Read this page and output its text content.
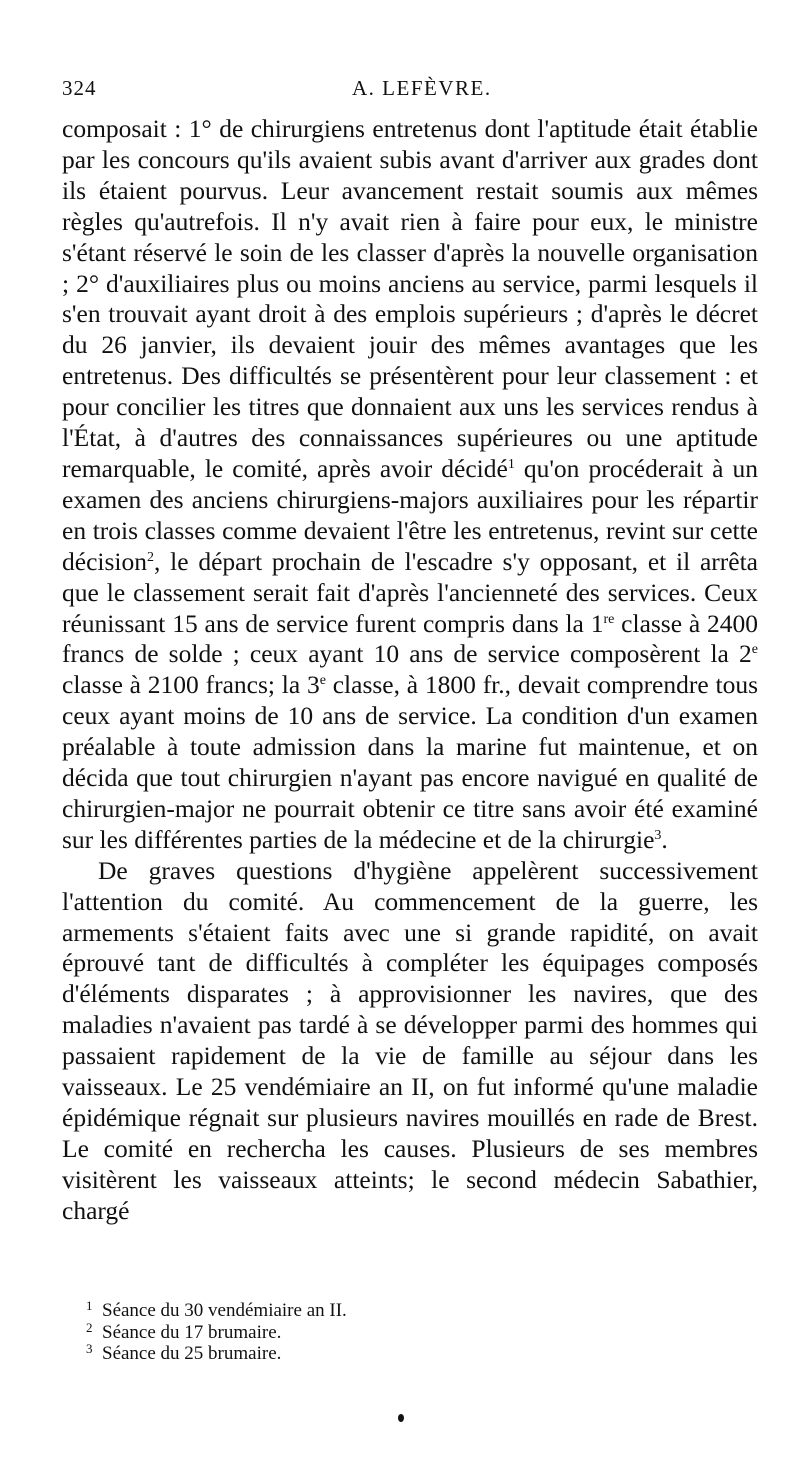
324	A. LEFÈVRE.

composait : 1° de chirurgiens entretenus dont l'aptitude était établie par les concours qu'ils avaient subis avant d'arriver aux grades dont ils étaient pourvus. Leur avancement restait soumis aux mêmes règles qu'autrefois. Il n'y avait rien à faire pour eux, le ministre s'étant réservé le soin de les classer d'après la nouvelle organisation ; 2° d'auxiliaires plus ou moins anciens au service, parmi lesquels il s'en trouvait ayant droit à des emplois supérieurs ; d'après le décret du 26 janvier, ils devaient jouir des mêmes avantages que les entretenus. Des difficultés se présentèrent pour leur classement : et pour concilier les titres que donnaient aux uns les services rendus à l'État, à d'autres des connaissances supérieures ou une aptitude remarquable, le comité, après avoir décidé$^1$ qu'on procéderait à un examen des anciens chirurgiens-majors auxiliaires pour les répartir en trois classes comme devaient l'être les entretenus, revint sur cette décision$^2$, le départ prochain de l'escadre s'y opposant, et il arrêta que le classement serait fait d'après l'ancienneté des services. Ceux réunissant 15 ans de service furent compris dans la 1re classe à 2400 francs de solde ; ceux ayant 10 ans de service composèrent la 2e classe à 2100 francs; la 3e classe, à 1800 fr., devait comprendre tous ceux ayant moins de 10 ans de service. La condition d'un examen préalable à toute admission dans la marine fut maintenue, et on décida que tout chirurgien n'ayant pas encore navigué en qualité de chirurgien-major ne pourrait obtenir ce titre sans avoir été examiné sur les différentes parties de la médecine et de la chirurgie$^3$.

De graves questions d'hygiène appelèrent successivement l'attention du comité. Au commencement de la guerre, les armements s'étaient faits avec une si grande rapidité, on avait éprouvé tant de difficultés à compléter les équipages composés d'éléments disparates ; à approvisionner les navires, que des maladies n'avaient pas tardé à se développer parmi des hommes qui passaient rapidement de la vie de famille au séjour dans les vaisseaux. Le 25 vendémiaire an II, on fut informé qu'une maladie épidémique régnait sur plusieurs navires mouillés en rade de Brest. Le comité en rechercha les causes. Plusieurs de ses membres visitèrent les vaisseaux atteints; le second médecin Sabathier, chargé

1 Séance du 30 vendémiaire an II.
2 Séance du 17 brumaire.
3 Séance du 25 brumaire.
